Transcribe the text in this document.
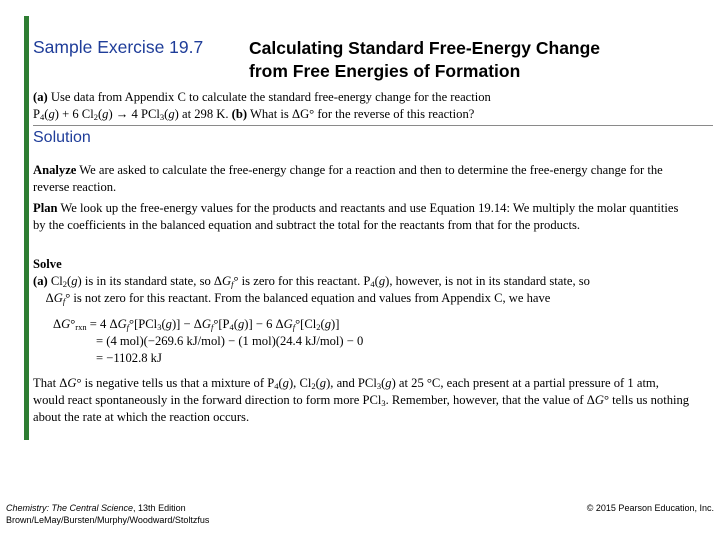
Sample Exercise 19.7	Calculating Standard Free-Energy Change
from Free Energies of Formation
(a) Use data from Appendix C to calculate the standard free-energy change for the reaction
$P_4(g) + 6$ $Cl_2(g) \to 4$ PCl$_3$(g) at 298 K. (b) What is ΔG° for the reverse of this reaction?
Solution
Analyze We are asked to calculate the free-energy change for a reaction and then to determine the free-energy change for the reverse reaction.
Plan We look up the free-energy values for the products and reactants and use Equation 19.14: We multiply the molar quantities by the coefficients in the balanced equation and subtract the total for the reactants from that for the products.
Solve
(a) $Cl_2(g)$ is in its standard state, so $\Delta G_f^\circ$ is zero for this reactant. $P_4(g)$, however, is not in its standard state, so
$\Delta G_f^\circ$ is not zero for this reactant. From the balanced equation and values from Appendix C, we have
$\Delta G^\circ_{rxn} = 4$ $\Delta G_f^\circ[PCl_3(g)] - \Delta G_f^\circ[P_4(g)] - 6$ $\Delta G_f^\circ[Cl_2(g)]$
= (4 mol)(−269.6 kJ/mol) − (1 mol)(24.4 kJ/mol) − 0
= −1102.8 kJ
That ΔG° is negative tells us that a mixture of $P_4(g)$, $Cl_2(g)$, and PCl$_3$(g) at 25 °C, each present at a partial pressure of 1 atm, would react spontaneously in the forward direction to form more PCl$_3$. Remember, however, that the value of ΔG° tells us nothing about the rate at which the reaction occurs.
Chemistry: The Central Science, 13th Edition
Brown/LeMay/Bursten/Murphy/Woodward/Stoltzfus
© 2015 Pearson Education, Inc.
